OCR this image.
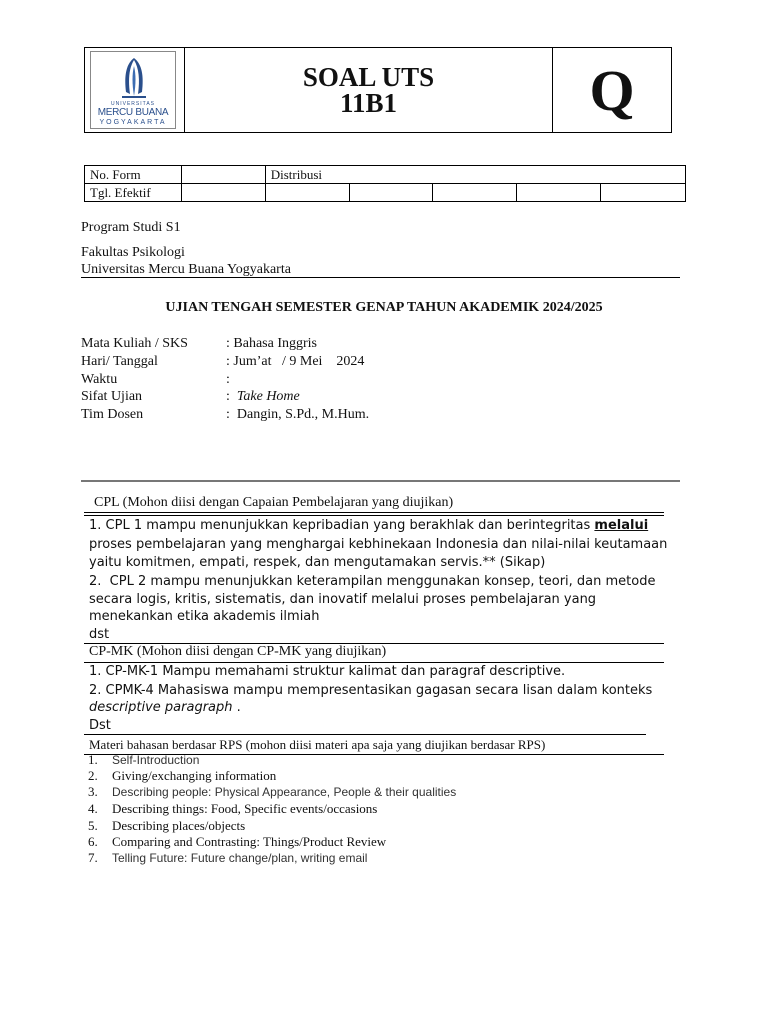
UNIVERSITAS
MERCU BUANA
YOGYAKARTA
SOAL UTS
11B1	Q
No. Form		Distribusi				
Tgl. Efektif						
Program Studi S1
Fakultas Psikologi
Universitas Mercu Buana Yogyakarta
UJIAN TENGAH SEMESTER GENAP TAHUN AKADEMIK 2024/2025
Mata Kuliah / SKS	: Bahasa Inggris
Hari/ Tanggal	: Jum’at   / 9 Mei    2024
Waktu	:
Sifat Ujian	: Take Home
Tim Dosen	:  Dangin, S.Pd., M.Hum.
CPL (Mohon diisi dengan Capaian Pembelajaran yang diujikan)
1. CPL 1 mampu menunjukkan kepribadian yang berakhlak dan berintegritas melalui
proses pembelajaran yang menghargai kebhinekaan Indonesia dan nilai-nilai keutamaan
yaitu komitmen, empati, respek, dan mengutamakan servis.** (Sikap)
2.  CPL 2 mampu menunjukkan keterampilan menggunakan konsep, teori, dan metode
secara logis, kritis, sistematis, dan inovatif melalui proses pembelajaran yang
menekankan etika akademis ilmiah
dst
CP-MK (Mohon diisi dengan CP-MK yang diujikan)
1. CP-MK-1 Mampu memahami struktur kalimat dan paragraf descriptive.
2. CPMK-4 Mahasiswa mampu mempresentasikan gagasan secara lisan dalam konteks
descriptive paragraph .
Dst
Materi bahasan berdasar RPS (mohon diisi materi apa saja yang diujikan berdasar RPS)
1. Self-Introduction
2. Giving/exchanging information
3. Describing people: Physical Appearance, People & their qualities
4. Describing things: Food, Specific events/occasions
5. Describing places/objects
6. Comparing and Contrasting: Things/Product Review
7. Telling Future: Future change/plan, writing email
